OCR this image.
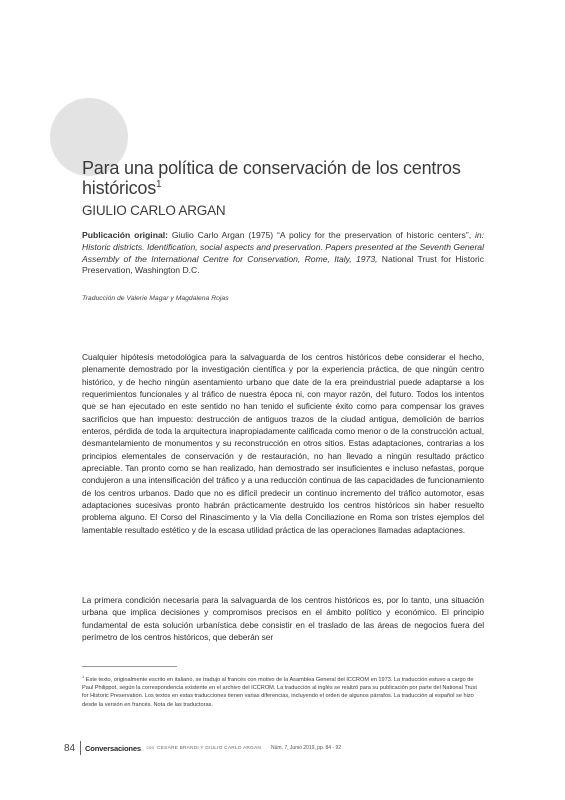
Para una política de conservación de los centros históricos$^1$
GIULIO CARLO ARGAN

Publicación original: Giulio Carlo Argan (1975) “A policy for the preservation of historic centers”, in: Historic districts. Identification, social aspects and preservation. Papers presented at the Seventh General Assembly of the International Centre for Conservation, Rome, Italy, 1973, National Trust for Historic Preservation, Washington D.C.

Traducción de Valerie Magar y Magdalena Rojas

Cualquier hipótesis metodológica para la salvaguarda de los centros históricos debe considerar el hecho, plenamente demostrado por la investigación científica y por la experiencia práctica, de que ningún centro histórico, y de hecho ningún asentamiento urbano que date de la era preindustrial puede adaptarse a los requerimientos funcionales y al tráfico de nuestra época ni, con mayor razón, del futuro. Todos los intentos que se han ejecutado en este sentido no han tenido el suficiente éxito como para compensar los graves sacrificios que han impuesto: destrucción de antiguos trazos de la ciudad antigua, demolición de barrios enteros, pérdida de toda la arquitectura inapropiadamente calificada como menor o de la construcción actual, desmantelamiento de monumentos y su reconstrucción en otros sitios. Estas adaptaciones, contrarias a los principios elementales de conservación y de restauración, no han llevado a ningún resultado práctico apreciable. Tan pronto como se han realizado, han demostrado ser insuficientes e incluso nefastas, porque condujeron a una intensificación del tráfico y a una reducción continua de las capacidades de funcionamiento de los centros urbanos. Dado que no es difícil predecir un continuo incremento del tráfico automotor, esas adaptaciones sucesivas pronto habrán prácticamente destruido los centros históricos sin haber resuelto problema alguno. El Corso del Rinascimento y la Via della Conciliazione en Roma son tristes ejemplos del lamentable resultado estético y de la escasa utilidad práctica de las operaciones llamadas adaptaciones.

La primera condición necesaria para la salvaguarda de los centros históricos es, por lo tanto, una situación urbana que implica decisiones y compromisos precisos en el ámbito político y económico. El principio fundamental de esta solución urbanística debe consistir en el traslado de las áreas de negocios fuera del perímetro de los centros históricos, que deberán ser

$^1$ Este texto, originalmente escrito en italiano, se tradujo al francés con motivo de la Asamblea General del ICCROM en 1973. La traducción estuvo a cargo de Paul Philippot, según la correspondencia existente en el archivo del ICCROM. La traducción al inglés se realizó para su publicación por parte del National Trust for Historic Preservation. Los textos en estas traducciones tienen varias diferencias, incluyendo el orden de algunos párrafos. La traducción al español se hizo desde la versión en francés. Nota de las traductoras.

84	Conversaciones ... con CESARE BRANDI Y GIULIO CARLO ARGAN Núm. 7, Junio 2019, pp. 84 - 92
